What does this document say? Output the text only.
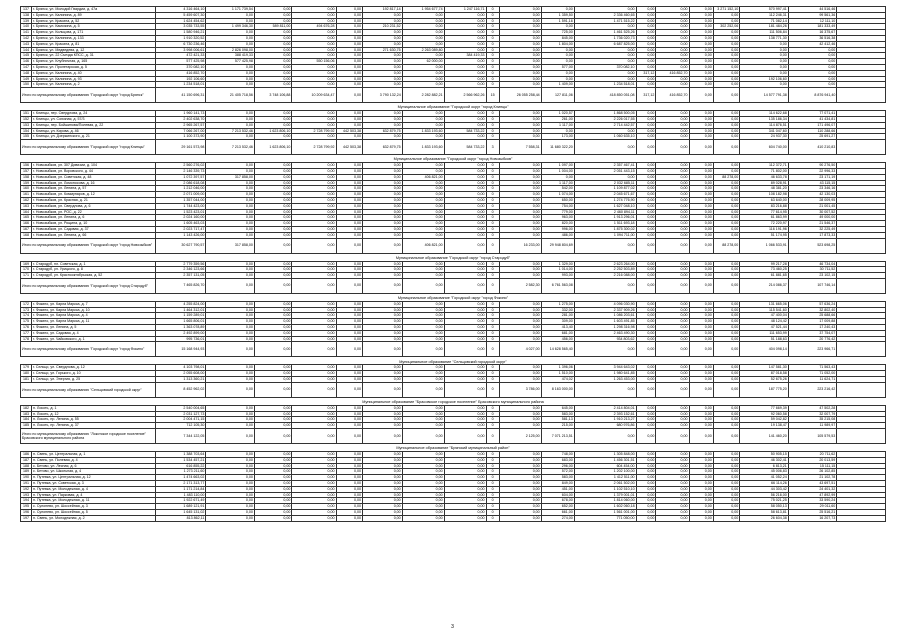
137	г. Брянск, ул. Молодой Гвардии, д. 47а	4 316 464,10	1 171 739,54	0,00	0,00	0,00	192 817,14	1 954 677,74	1 247 116,71	0	0,00	0,00	0,00	0,00	0,00	0,00	3 271 152,10	570 997,41	44 516,46	
138	г. Брянск, ул. Калинина, д. 89	5 459 607,30	0,00	0,00	0,00	0,00	0,00	0,00	0,00	0	0,00	1 359,50	2 336 460,65	0,00	0,00	0,00	0,00	112 246,31	99 561,36	
139	г. Брянск, ул. Красина, д. 52	1 624 454,62	0,00	0,00	0,00	0,00	0,00	0,00	0,00	0	0,00	1 591,16	1 471 515,22	0,00	0,00	0,00	0,00	71 082,14	12 111,10	
140	г. Брянск, ул. Камозина, д. 5	3 035 733,55	1 499 346,30	589 811,00	494 676,28	0,00	210 231,52	0,00	0,00	0	0,00	0,00	0,00	0,00	0,00	0,00	302 252,06	181 484,26	181 333,49	
141	г. Брянск, ул. Кольцова, д. 171	1 580 946,21	0,00	0,00	0,00	0,00	0,00	0,00	0,00	0	0,00	725,00	1 461 525,26	0,00	0,00	0,00	0,00	111 506,84	16 375,67	
142	г. Брянск, ул. Калинина, д. 133	1 910 320,52	0,00	0,00	0,00	0,00	0,00	0,00	0,00	0	0,00	845,00	1 736 020,73	0,00	0,00	0,00	0,00	138 771,30	36 516,38	
143	г. Брянск, ул. Красина, д. 81	6 730 236,46	0,00	0,00	0,00	0,00	0,00	0,00	0,00	0	0,00	1 804,00	6 687 825,00	0,00	0,00	0,00	0,00	0,00	42 412,46	
144	г. Брянск, ул. Медведева, д. 12	3 998 006,61	2 826 098,00	0,00	0,00	0,00	271 630,75	2 263 089,80	0,00	0	0,00	0,00	0,00	0,00	0,00	0,00	0,00	0,00	0,00	
145	г. Брянск, ул. 22 Съезда КПСС, д. 31	472 421,33	388 419,33	0,00	0,00	0,00	0,00	0,00	384 419,33	0	0,00	0,00	0,00	0,00	0,00	0,00	0,00	0,00	0,00	
146	г. Брянск, ул. Клубничная, д. 165	577 425,98	577 425,98	0,00	550 156,06	0,00	0,00	62 000,00	0,00	0	0,00	0,00	0,00	0,00	0,00	0,00	0,00	0,00	0,00	
147	г. Брянск, ул. Пролетарская, д. 5	370 082,10	0,00	0,00	0,00	0,00	0,00	0,00	0,00	0	0,00	577,00	370 082,10	0,00	0,00	0,00	0,00	0,00	0,00	
148	г. Брянск, ул. Калинина, д. 40	416 852,70	0,00	0,00	0,00	0,00	0,00	0,00	0,00	0	0,00	0,00	0,00	317,12	416 852,70	0,00	0,00	0,00	0,00	
149	г. Брянск, ул. Калинина, д. 93	192 106,60	0,00	0,00	0,00	0,00	0,00	0,00	0,00	0	0,00	0,00	0,00	0,00	0,00	0,00	0,00	192 106,60	0,00	
150	г. Брянск, ул. Калинина, д. 2	1 234 518,01	0,00	0,00	0,00	0,00	0,00	0,00	0,00	0	0,00	1 409,00	1 234 518,01	0,00	0,00	0,00	0,00	0,00	0,00	
Итого по муниципальному образованию "Городской округ "город Брянск"		41 150 696,31	21 405 718,56	3 748 106,88	10 209 634,47	0,00	3 790 132,24	2 282 882,21	2 566 962,26	15	26 055 258,44	127 811,06	418 850 051,08	317,12	416 852,70	0,00	0,00	14 577 791,38	8 876 941,40	
Муниципальное образование "Городской округ "город Клинцы"																				
151	г. Клинцы, пер. Свердлова, д. 24	1 960 141,73	0,00	0,00	0,00	0,00	0,00	0,00	0,00	0	0,00	1 020,57	1 868 500,05	0,00	0,00	0,00	0,00	114 622,68	77 071,41	
152	г. Клинцы, ул. Союзная, д. 57/3	2 402 638,70	0,00	0,00	0,00	0,00	0,00	0,00	0,00	0	0,00	261,00	2 226 017,55	0,00	0,00	0,00	0,00	135 186,34	41 434,81	
153	г. Клинцы, пер. Бойшинова/Полевая, д. 22	2 965 267,57	0,00	0,00	0,00	0,00	0,00	0,00	0,00	0	0,00	1 117,00	2 714 442,57	0,00	0,00	0,00	0,00	114 876,51	171 496,07	
154	г. Клинцы, ул. Кирова, д. 46	7 066 267,00	7 213 532,46	1 623 806,10	2 728 799,92	442 503,38	632 879,75	1 833 193,60	584 733,22	0	0,00	0,00	0,00	0,00	0,00	0,00	0,00	341 047,60	110 288,66	
155	г. Клинцы, ул. Дзержинского, д. 21	1 100 373,90	0,00	0,00	0,00	0,00	0,00	0,00	0,00	0	0,00	173,00	1 060 635,10	0,00	0,00	0,00	0,00	24 937,30	25 691,27	
Итого по муниципальному образованию "Городской округ "город Клинцы"		29 161 573,98	7 213 532,46	1 623 806,10	2 728 799,92	442 503,38	632 879,75	1 833 193,60	584 733,22	3	7 558,31	11 680 322,20	0,00	0,00	0,00	0,00	0,00	604 740,00	410 210,83	
Муниципальное образование "Городской округ "город Новозыбков"																				
156	г. Новозыбков, ул. 307 Дивизии, д. 104	2 560 276,02	0,00	0,00	0,00	0,00	0,00	0,00	0,00	0	0,00	1 097,00	2 357 467,41	0,00	0,00	0,00	0,00	112 372,71	90 276,50	
157	г. Новозыбков, ул. Воровского, д. 44	2 146 339,73	0,00	0,00	0,00	0,00	0,00	0,00	0,00	0	0,00	1 004,00	2 051 443,15	0,00	0,00	0,00	0,00	71 802,00	22 996,33	
158	г. Новозыбков, ул. Советская, д. 48	1 072 397,57	317 858,00	0,00	0,00	0,00	0,00	406 821,00	0,00	0	0,00	0,00	0,00	0,00	0,00	0,00	88 278,00	46 633,78	23 171,19	
159	г. Новозыбков, ул. Ломоносова, д. 16	2 086 618,08	0,00	0,00	0,00	0,00	0,00	0,00	0,00	0	0,00	1 117,00	2 032 685,11	0,00	0,00	0,00	0,00	89 028,91	43 115,15	
160	г. Новозыбков, ул. Ленина, д. 57	1 212 046,00	0,00	0,00	0,00	0,00	0,00	0,00	0,00	0	0,00	542,00	1 109 877,02	0,00	0,00	0,00	0,00	48 381,20	23 346,16	
161	г. Новозыбков, ул. Коммунаров, д. 12	2 071 009,00	0,00	0,00	0,00	0,00	0,00	0,00	0,00	0	0,00	1 074,00	2 045 671,67	0,00	0,00	0,00	0,00	108 182,98	42 130,03	
162	г. Новозыбков, ул. Красная, д. 21	1 357 044,00	0,00	0,00	0,00	0,00	0,00	0,00	0,00	0	0,00	650,00	1 274 776,90	0,00	0,00	0,00	0,00	63 640,00	28 009,95	
163	г. Новозыбков, ул. Свердлова, д. 6	1 744 423,00	0,00	0,00	0,00	0,00	0,00	0,00	0,00	0	0,00	754,00	1 627 048,10	0,00	0,00	0,00	0,00	83 216,88	21 001,45	
164	г. Новозыбков, ул. РОС, д. 22	1 523 423,01	0,00	0,00	0,00	0,00	0,00	0,00	0,00	0	0,00	779,00	2 460 894,11	0,00	0,00	0,00	0,00	77 614,95	30 007,52	
165	г. Новозыбков, ул. Ленина, д. 6	2 024 160,00	0,00	0,00	0,00	0,00	0,00	0,00	0,00	0	0,00	963,00	1 913 296,01	0,00	0,00	0,00	0,00	61 863,99	49 000,00	
166	г. Новозыбков, ул. Рощина, д. 10	1 605 463,03	0,00	0,00	0,00	0,00	0,00	0,00	0,00	0	0,00	820,00	1 511 693,18	0,00	0,00	0,00	0,00	72 220,97	21 546,37	
167	г. Новозыбков, ул. Садовая, д. 37	2 023 717,47	0,00	0,00	0,00	0,00	0,00	0,00	0,00	0	0,00	996,00	1 875 300,02	0,00	0,00	0,00	0,00	116 191,96	32 225,49	
168	г. Новозыбков, ул. Ленина, д. 66	1 143 426,00	0,00	0,00	0,00	0,00	0,00	0,00	0,00	0	0,00	486,00	1 094 711,00	0,00	0,00	0,00	0,00	51 174,95	17 873,33	
Итого по муниципальному образованию "Городской округ "город Новозыбков"		30 627 790,57	317 858,00	0,00	0,00	0,00	0,00	406 821,00	0,00	0	16 233,00	29 948 804,69	0,00	0,00	0,00	0,00	88 278,00	1 066 533,91	523 698,25	
Муниципальное образование "Городской округ "город Стародуб"																				
169	г. Стародуб, пл. Советская, д. 1	2 779 359,56	0,00	0,00	0,00	0,00	0,00	0,00	0,00	0	0,00	1 329,00	2 623 264,00	0,00	0,00	0,00	0,00	99 217,28	46 734,04	
170	г. Стародуб, ул. Урицкого, д. 8	2 346 123,66	0,00	0,00	0,00	0,00	0,00	0,00	0,00	0	0,00	1 014,00	2 252 503,89	0,00	0,00	0,00	0,00	73 460,25	30 711,52	
171	г. Стародуб, ул. Краснооктябрьская, д. 52	2 357 131,05	0,00	0,00	0,00	0,00	0,00	0,00	0,00	0	0,00	993,00	2 216 088,00	0,00	0,00	0,00	0,00	61 881,65	23 102,15	
Итого по муниципальному образованию "Городской округ "город Стародуб"		7 465 826,70	0,00	0,00	0,00	0,00	0,00	0,00	0,00	0	2 582,30	6 761 563,08	0,00	0,00	0,00	0,00	0,00	214 086,37	107 746,14	
Муниципальное образование "Городской округ "город Фокино"																				
172	г. Фокино, ул. Карла Маркса, д. 7	4 255 824,00	0,00	0,00	0,00	0,00	0,00	0,00	0,00	0	0,00	1 275,00	4 096 030,90	0,00	0,00	0,00	0,00	131 665,06	57 636,24	
173	г. Фокино, ул. Карла Маркса, д. 10	1 464 312,01	0,00	0,00	0,00	0,00	0,00	0,00	0,00	0	0,00	332,00	2 337 909,26	0,00	0,00	0,00	0,00	115 541,60	32 802,40	
174	г. Фокино, ул. Карла Маркса, д. 4	1 159 289,01	0,00	0,00	0,00	0,00	0,00	0,00	0,00	0	0,00	281,00	1 086 203,61	0,00	0,00	0,00	0,00	47 400,04	25 688,66	
175	г. Фокино, ул. Карла Маркса, д. 11	1 665 806,01	0,00	0,00	0,00	0,00	0,00	0,00	0,00	0	0,00	309,00	1 603 491,85	0,00	0,00	0,00	0,00	48 124,42	17 009,88	
176	г. Фокино, ул. Ленина, д. 5	1 363 078,89	0,00	0,00	0,00	0,00	0,00	0,00	0,00	0	0,00	413,40	1 298 316,98	0,00	0,00	0,00	0,00	47 521,44	17 240,43	
177	г. Фокино, ул. Садовая, д. 4	2 492 899,00	0,00	0,00	0,00	0,00	0,00	0,00	0,00	0	0,00	681,00	2 463 490,30	0,00	0,00	0,00	0,00	111 653,99	37 754,07	
178	г. Фокино, ул. Чайковского, д. 1	995 736,01	0,00	0,00	0,00	0,00	0,00	0,00	0,00	0	0,00	456,00	934 803,62	0,00	0,00	0,00	0,00	51 188,63	20 776,42	
Итого по муниципальному образованию "Городской округ "город Фокино"		15 168 944,93	0,00	0,00	0,00	0,00	0,00	0,00	0,00	0	4 027,00	14 628 565,40	0,00	0,00	0,00	0,00	0,00	404 098,14	223 966,71	
Муниципальное образование "Сельцовский городской округ"																				
179	г. Сельцо, ул. Свердлова, д. 12	4 103 798,01	0,00	0,00	0,00	0,00	0,00	0,00	0,00	0	0,00	1 396,06	3 944 643,02	0,00	0,00	0,00	0,00	147 581,30	71 563,43	
180	г. Сельцо, ул. Горького, д. 10	2 055 608,00	0,00	0,00	0,00	0,00	0,00	0,00	0,00	0	0,00	1 510,00	1 980 641,85	0,00	0,00	0,00	0,00	87 018,58	71 052,00	
181	г. Сельцо, ул. Энергия, д. 25	1 313 360,21	0,00	0,00	0,00	0,00	0,00	0,00	0,00	0	0,00	474,02	1 263 453,00	0,00	0,00	0,00	0,00	52 675,26	11 624,71	
Итого по муниципальному образованию "Сельцовский городской округ"		8 452 962,02	0,00	0,00	0,00	0,00	0,00	0,00	0,00	0	3 786,00	8 163 000,00	0,00	0,00	0,00	0,00	0,00	187 775,20	223 216,42	
Муниципальное образование "Брасовское городское поселение" Брасовского муниципального района																				
182	п. Локоть, д. 1	2 540 004,65	0,00	0,00	0,00	0,00	0,00	0,00	0,00	0	0,00	645,00	2 414 804,01	0,00	0,00	0,00	0,00	77 669,39	47 502,28	
183	п. Локоть, д. 12	2 031 127,73	0,00	0,00	0,00	0,00	0,00	0,00	0,00	0	0,00	583,00	2 393 152,61	0,00	0,00	0,00	0,00	92 060,58	32 007,79	
184	п. Локоть, пр. Ленина, д. 55	2 004 471,15	0,00	0,00	0,00	0,00	0,00	0,00	0,00	0	0,00	581,13	1 910 213,27	0,00	0,00	0,00	0,00	59 042,82	35 215,08	
185	п. Локоть, пр. Ленина, д. 37	712 105,30	0,00	0,00	0,00	0,00	0,00	0,00	0,00	0	0,00	215,00	680 976,86	0,00	0,00	0,00	0,00	19 138,47	11 989,97	
Итого по муниципальному образованию "Локотское городское поселение" Брасовского муниципального района		7 344 122,05	0,00	0,00	0,00	0,00	0,00	0,00	0,00	0	2 125,00	7 071 213,51	0,00	0,00	0,00	0,00	0,00	141 460,20	105 579,53	
Муниципальное образование "Брянский муниципальный район"																				
186	п. Свень, ул. Центральная, д. 1	1 388 703,64	0,00	0,00	0,00	0,00	0,00	0,00	0,00	0	0,00	748,00	1 305 848,00	0,00	0,00	0,00	0,00	50 905,15	20 711,62	
187	п. Свень, ул. Полевая, д. 4	1 534 457,21	0,00	0,00	0,00	0,00	0,00	0,00	0,00	0	0,00	683,00	1 456 301,51	0,00	0,00	0,00	0,00	46 302,41	20 013,59	
188	с. Бетово, ул. Лесная, д. 6	616 855,22	0,00	0,00	0,00	0,00	0,00	0,00	0,00	0	0,00	296,00	604 454,00	0,00	0,00	0,00	0,00	6 813,21	15 111,15	
189	с. Бетово, ул. Школьная, д. 4	1 273 211,60	0,00	0,00	0,00	0,00	0,00	0,00	0,00	0	0,00	572,00	1 202 100,00	0,00	0,00	0,00	0,00	45 006,83	26 102,85	
190	п. Путевка, ул. Центральная, д. 12	1 474 663,02	0,00	0,00	0,00	0,00	0,00	0,00	0,00	0	0,00	583,00	1 412 511,00	0,00	0,00	0,00	0,00	41 052,24	21 102,78	
191	п. Путевка, ул. Советская, д. 3	2 171 313,77	0,00	0,00	0,00	0,00	0,00	0,00	0,00	0	0,00	849,00	2 061 502,00	0,00	0,00	0,00	0,00	66 114,26	43 697,51	
192	п. Путевка, ул. Молодежная, д. 4	1 171 214,84	0,00	0,00	0,00	0,00	0,00	0,00	0,00	0	0,00	451,00	1 102 510,10	0,00	0,00	0,00	0,00	44 303,42	24 401,32	
193	п. Путевка, ул. Парковая, д. 4	1 483 110,00	0,00	0,00	0,00	0,00	0,00	0,00	0,00	0	0,00	604,00	1 379 001,01	0,00	0,00	0,00	0,00	56 216,00	47 892,99	
194	п. Путевка, ул. Молодежная, д. 11	1 922 671,49	0,00	0,00	0,00	0,00	0,00	0,00	0,00	0	0,00	678,00	1 814 060,00	0,00	0,00	0,00	0,00	75 021,25	33 590,24	
195	с. Супонево, ул. Шоссейная, д. 3	1 689 121,91	0,00	0,00	0,00	0,00	0,00	0,00	0,00	0	0,00	652,00	1 602 060,18	0,00	0,00	0,00	0,00	58 050,13	29 011,60	
196	с. Супонево, ул. Шоссейная, д. 5	1 645 131,02	0,00	0,00	0,00	0,00	0,00	0,00	0,00	0	0,00	661,00	1 561 001,00	0,00	0,00	0,00	0,00	58 613,81	25 516,21	
197	п. Свень, ул. Молодежная, д. 2	813 862,11	0,00	0,00	0,00	0,00	0,00	0,00	0,00	0	0,00	274,00	771 050,00	0,00	0,00	0,00	0,00	26 604,38	16 207,73	
3
